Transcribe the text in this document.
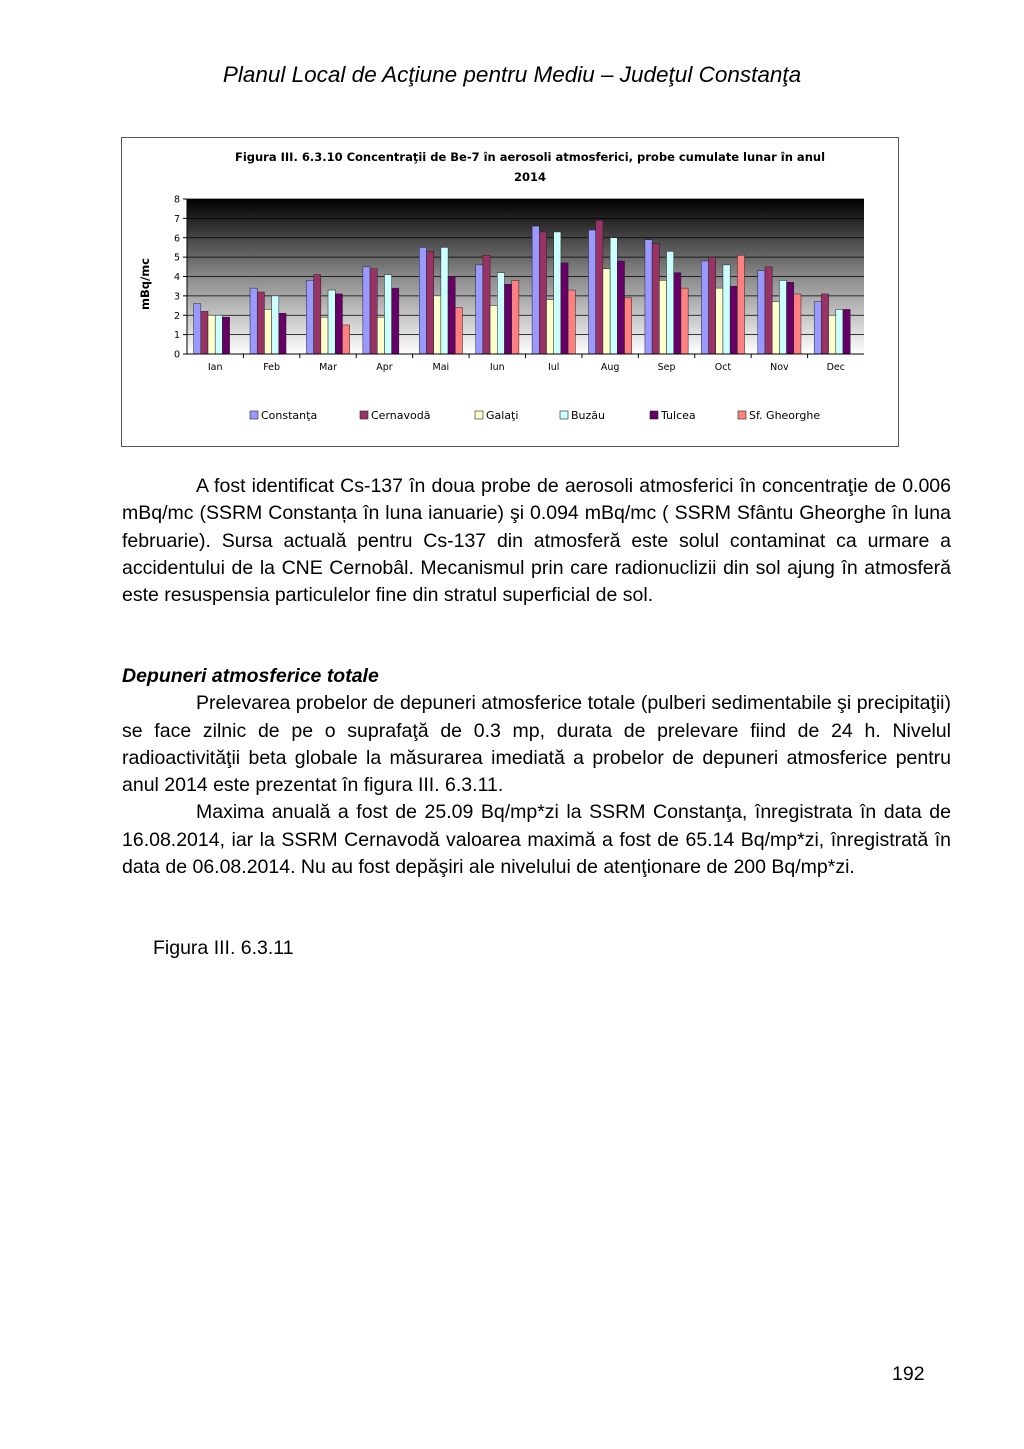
Planul Local de Acţiune pentru Mediu – Judeţul Constanţa
Figura III. 6.3.10 Concentraţii de Be-7 în aerosoli atmosferici, probe cumulate lunar în anul
2014
mBq/mc
0
1
2
3
4
5
6
7
8
Ian	Feb	Mar	Apr	Mai	Iun	Iul	Aug	Sep	Oct	Nov	Dec
Constanţa	Cernavodă	Galaţi	Buzău	Tulcea	Sf. Gheorghe

A fost identificat Cs-137 în doua probe de aerosoli atmosferici în concentraţie de 0.006 mBq/mc (SSRM Constanța în luna ianuarie) şi 0.094 mBq/mc ( SSRM Sfântu Gheorghe în luna februarie). Sursa actuală pentru Cs-137 din atmosferă este solul contaminat ca urmare a accidentului de la CNE Cernobâl. Mecanismul prin care radionuclizii din sol ajung în atmosferă este resuspensia particulelor fine din stratul superficial de sol.

Depuneri atmosferice totale

Prelevarea probelor de depuneri atmosferice totale (pulberi sedimentabile şi precipitaţii) se face zilnic de pe o suprafaţă de 0.3 mp, durata de prelevare fiind de 24 h. Nivelul radioactivităţii beta globale la măsurarea imediată a probelor de depuneri atmosferice pentru anul 2014 este prezentat în figura III. 6.3.11.

Maxima anuală a fost de 25.09 Bq/mp*zi la SSRM Constanţa, înregistrata în data de 16.08.2014, iar la SSRM Cernavodă valoarea maximă a fost de 65.14 Bq/mp*zi, înregistrată în data de 06.08.2014. Nu au fost depăşiri ale nivelului de atenţionare de 200 Bq/mp*zi.

Figura III. 6.3.11
192
